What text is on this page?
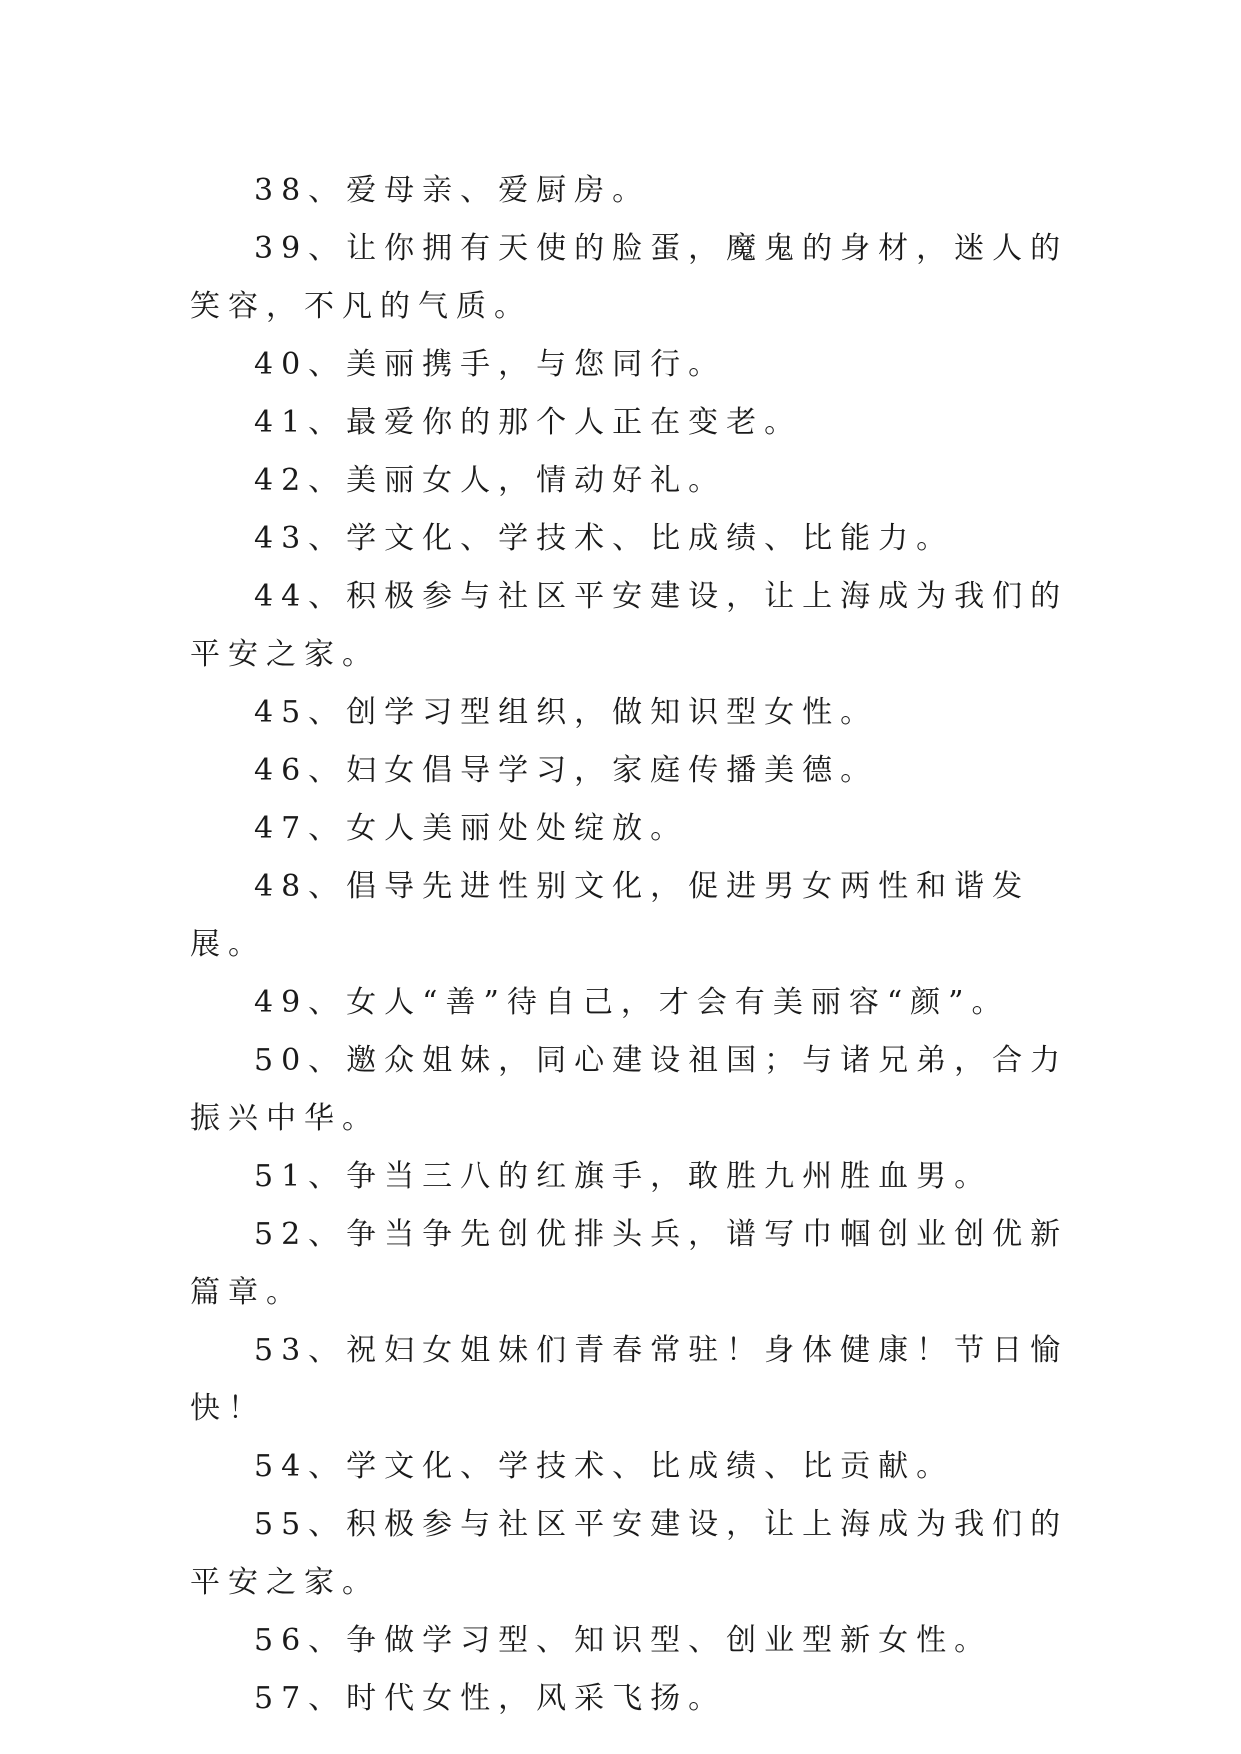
38、爱母亲、爱厨房。

39、让你拥有天使的脸蛋，魔鬼的身材，迷人的笑容，不凡的气质。

40、美丽携手，与您同行。

41、最爱你的那个人正在变老。

42、美丽女人，情动好礼。

43、学文化、学技术、比成绩、比能力。

44、积极参与社区平安建设，让上海成为我们的平安之家。

45、创学习型组织，做知识型女性。

46、妇女倡导学习，家庭传播美德。

47、女人美丽处处绽放。

48、倡导先进性别文化，促进男女两性和谐发展。

49、女人“善”待自己，才会有美丽容“颜”。

50、邀众姐妹，同心建设祖国；与诸兄弟，合力振兴中华。

51、争当三八的红旗手，敢胜九州胜血男。

52、争当争先创优排头兵，谱写巾帼创业创优新篇章。

53、祝妇女姐妹们青春常驻！身体健康！节日愉快！

54、学文化、学技术、比成绩、比贡献。

55、积极参与社区平安建设，让上海成为我们的平安之家。

56、争做学习型、知识型、创业型新女性。

57、时代女性，风采飞扬。
